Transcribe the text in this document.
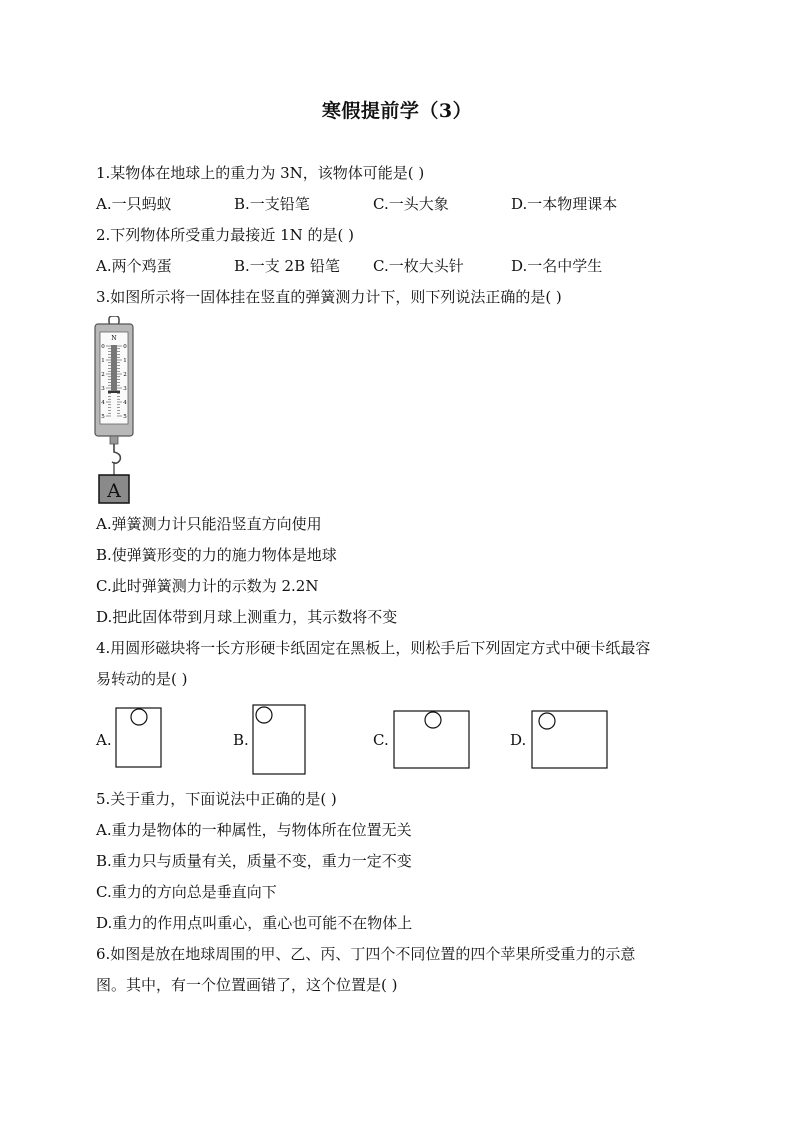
寒假提前学（3）
1.某物体在地球上的重力为 3N，该物体可能是( )
A.一只蚂蚁	B.一支铅笔	C.一头大象	D.一本物理课本
2.下列物体所受重力最接近 1N 的是( )
A.两个鸡蛋	B.一支 2B 铅笔 C.一枚大头针	D.一名中学生
3.如图所示将一固体挂在竖直的弹簧测力计下，则下列说法正确的是( )
N
0
1
2
3
4
5
0
1
2
3
4
5
A
A.弹簧测力计只能沿竖直方向使用
B.使弹簧形变的力的施力物体是地球
C.此时弹簧测力计的示数为 2.2N
D.把此固体带到月球上测重力，其示数将不变
4.用圆形磁块将一长方形硬卡纸固定在黑板上，则松手后下列固定方式中硬卡纸最容
易转动的是( )
A.	B.	C.	D.
5.关于重力，下面说法中正确的是( )
A.重力是物体的一种属性，与物体所在位置无关
B.重力只与质量有关，质量不变，重力一定不变
C.重力的方向总是垂直向下
D.重力的作用点叫重心，重心也可能不在物体上
6.如图是放在地球周围的甲、乙、丙、丁四个不同位置的四个苹果所受重力的示意
图。其中，有一个位置画错了，这个位置是( )
